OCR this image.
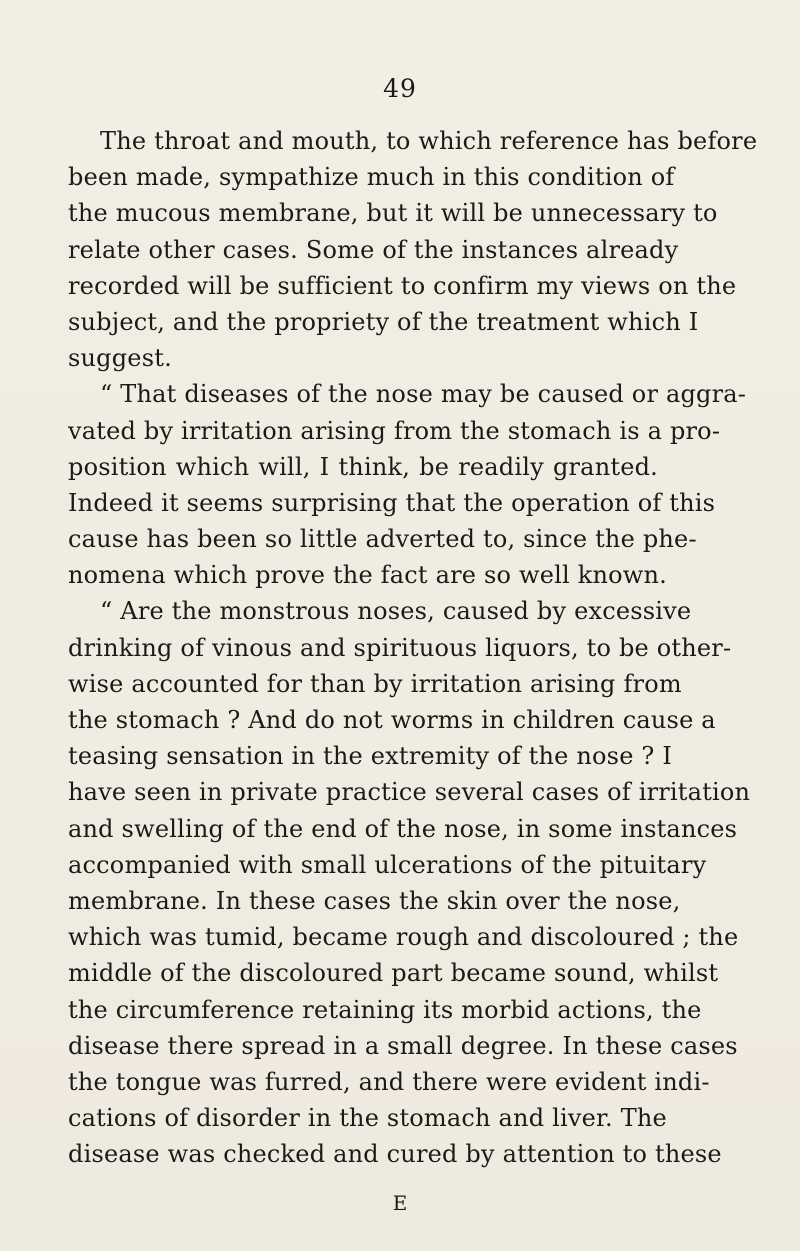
49
The throat and mouth, to which reference has before
been made, sympathize much in this condition of
the mucous membrane, but it will be unnecessary to
relate other cases. Some of the instances already
recorded will be sufficient to confirm my views on the
subject, and the propriety of the treatment which I
suggest.
“ That diseases of the nose may be caused or aggra-
vated by irritation arising from the stomach is a pro-
position which will, I think, be readily granted.
Indeed it seems surprising that the operation of this
cause has been so little adverted to, since the phe-
nomena which prove the fact are so well known.
“ Are the monstrous noses, caused by excessive
drinking of vinous and spirituous liquors, to be other-
wise accounted for than by irritation arising from
the stomach ? And do not worms in children cause a
teasing sensation in the extremity of the nose ? I
have seen in private practice several cases of irritation
and swelling of the end of the nose, in some instances
accompanied with small ulcerations of the pituitary
membrane. In these cases the skin over the nose,
which was tumid, became rough and discoloured ; the
middle of the discoloured part became sound, whilst
the circumference retaining its morbid actions, the
disease there spread in a small degree. In these cases
the tongue was furred, and there were evident indi-
cations of disorder in the stomach and liver. The
disease was checked and cured by attention to these
E
